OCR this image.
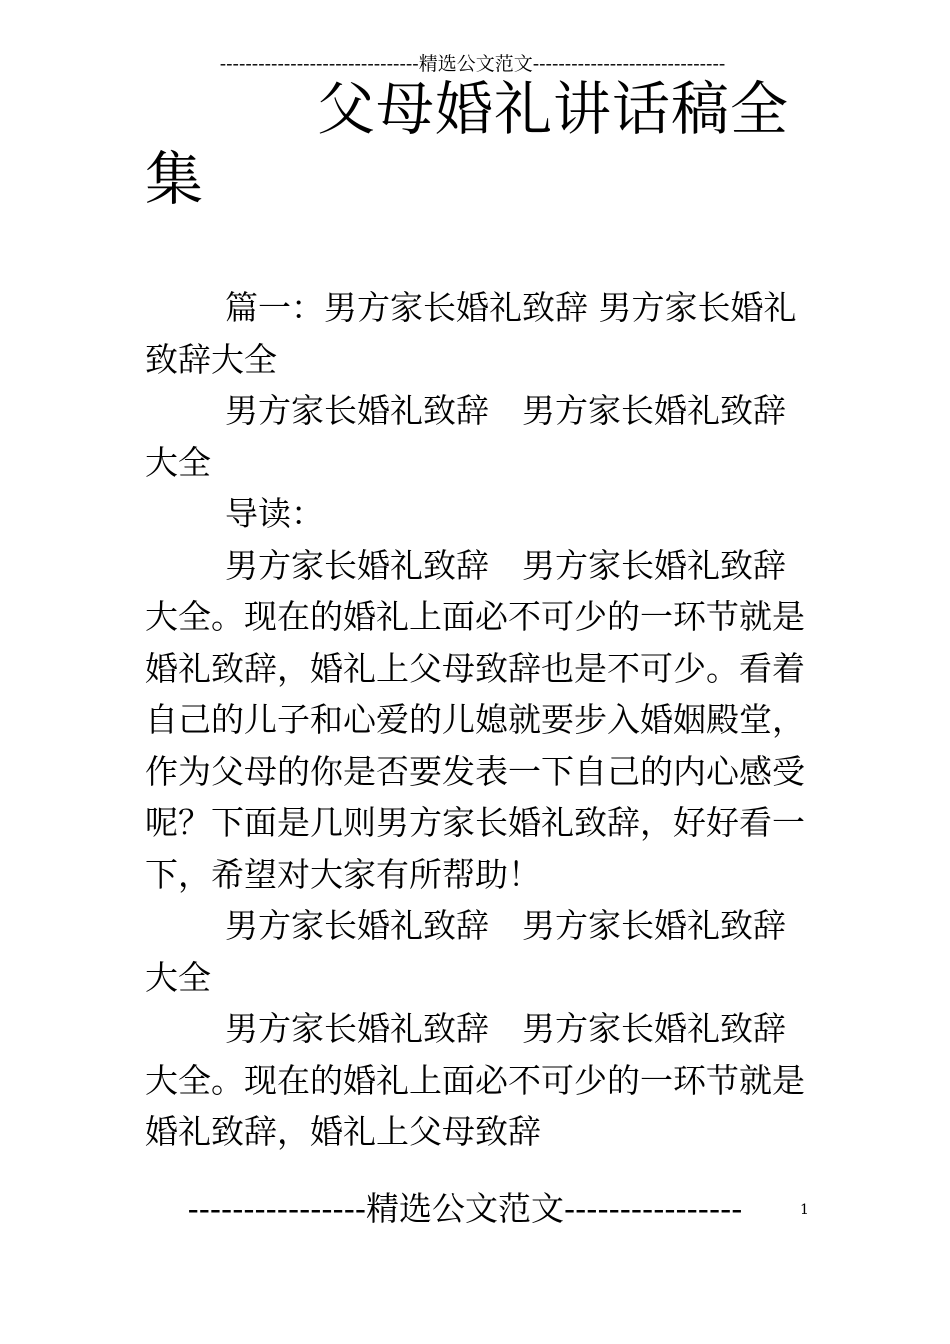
-------------------------------精选公文范文------------------------------
父母婚礼讲话稿全集

篇一：男方家长婚礼致辞 男方家长婚礼致辞大全

男方家长婚礼致辞　男方家长婚礼致辞大全

导读：

男方家长婚礼致辞　男方家长婚礼致辞大全。现在的婚礼上面必不可少的一环节就是婚礼致辞，婚礼上父母致辞也是不可少。看着自己的儿子和心爱的儿媳就要步入婚姻殿堂，作为父母的你是否要发表一下自己的内心感受呢？下面是几则男方家长婚礼致辞，好好看一下，希望对大家有所帮助！

男方家长婚礼致辞　男方家长婚礼致辞大全

男方家长婚礼致辞　男方家长婚礼致辞大全。现在的婚礼上面必不可少的一环节就是婚礼致辞，婚礼上父母致辞

----------------精选公文范文----------------	1
